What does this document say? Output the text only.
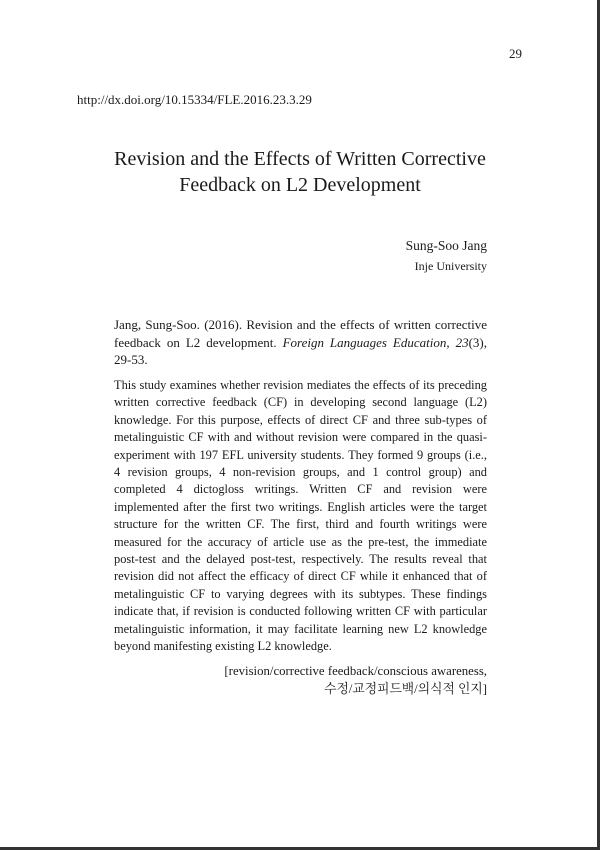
29
http://dx.doi.org/10.15334/FLE.2016.23.3.29
Revision and the Effects of Written Corrective
Feedback on L2 Development
Sung-Soo Jang
Inje University
Jang, Sung-Soo. (2016). Revision and the effects of written corrective feedback on L2 development. Foreign Languages Education, 23(3), 29-53.

This study examines whether revision mediates the effects of its preceding written corrective feedback (CF) in developing second language (L2) knowledge. For this purpose, effects of direct CF and three sub-types of metalinguistic CF with and without revision were compared in the quasi-experiment with 197 EFL university students. They formed 9 groups (i.e., 4 revision groups, 4 non-revision groups, and 1 control group) and completed 4 dictogloss writings. Written CF and revision were implemented after the first two writings. English articles were the target structure for the written CF. The first, third and fourth writings were measured for the accuracy of article use as the pre-test, the immediate post-test and the delayed post-test, respectively. The results reveal that revision did not affect the efficacy of direct CF while it enhanced that of metalinguistic CF to varying degrees with its subtypes. These findings indicate that, if revision is conducted following written CF with particular metalinguistic information, it may facilitate learning new L2 knowledge beyond manifesting existing L2 knowledge.

[revision/corrective feedback/conscious awareness,
수정/교정피드백/의식적 인지]
